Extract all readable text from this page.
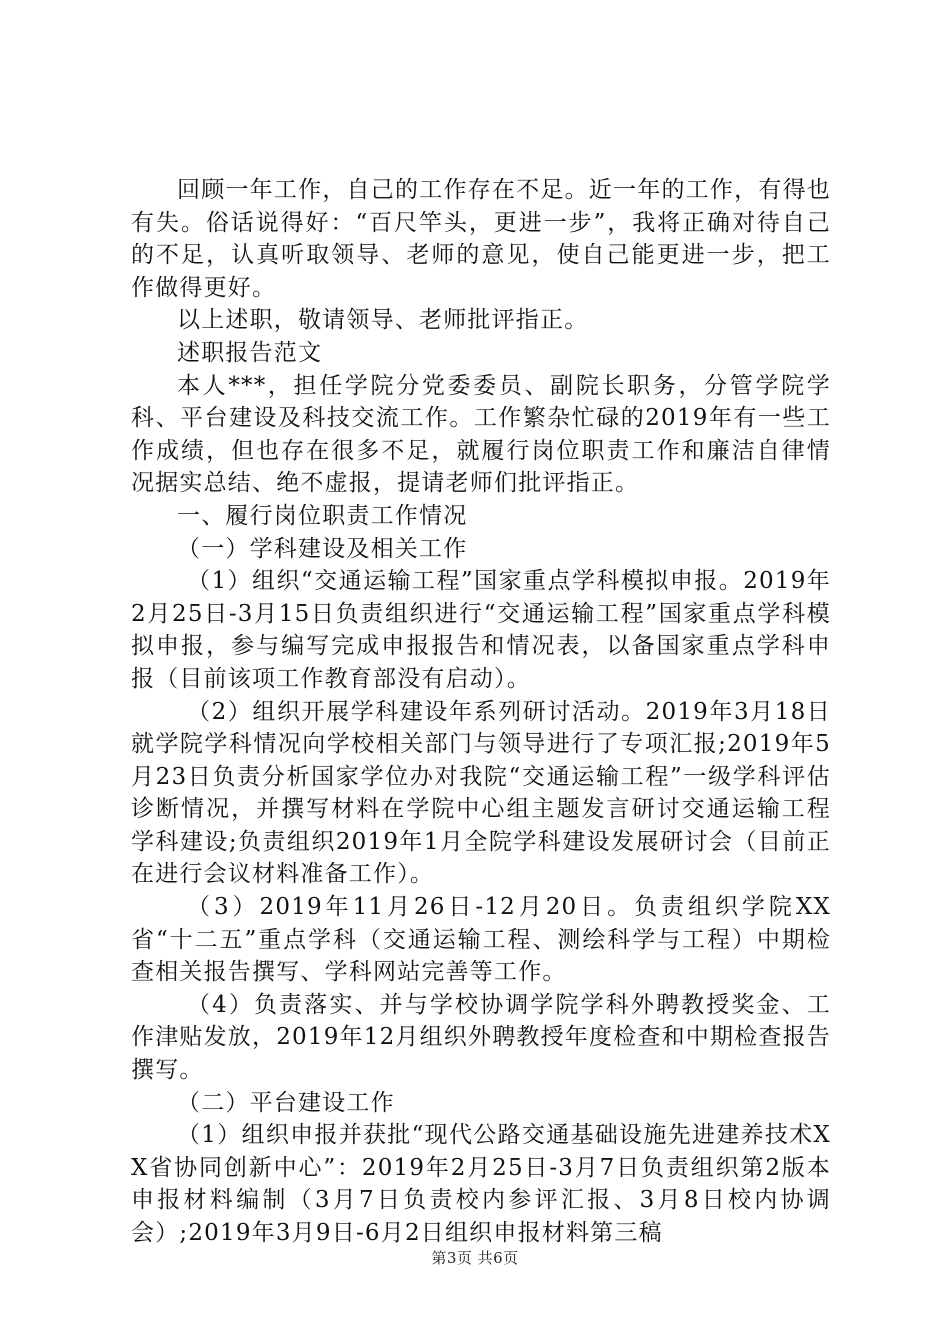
回顾一年工作，自己的工作存在不足。近一年的工作，有得也有失。俗话说得好：“百尺竿头，更进一步”，我将正确对待自己的不足，认真听取领导、老师的意见，使自己能更进一步，把工作做得更好。

以上述职，敬请领导、老师批评指正。

述职报告范文

本人***，担任学院分党委委员、副院长职务，分管学院学科、平台建设及科技交流工作。工作繁杂忙碌的2019年有一些工作成绩，但也存在很多不足，就履行岗位职责工作和廉洁自律情况据实总结、绝不虚报，提请老师们批评指正。

一、履行岗位职责工作情况

（一）学科建设及相关工作

（1）组织“交通运输工程”国家重点学科模拟申报。2019年2月25日-3月15日负责组织进行“交通运输工程”国家重点学科模拟申报，参与编写完成申报报告和情况表，以备国家重点学科申报（目前该项工作教育部没有启动）。

（2）组织开展学科建设年系列研讨活动。2019年3月18日就学院学科情况向学校相关部门与领导进行了专项汇报;2019年5月23日负责分析国家学位办对我院“交通运输工程”一级学科评估诊断情况，并撰写材料在学院中心组主题发言研讨交通运输工程学科建设;负责组织2019年1月全院学科建设发展研讨会（目前正在进行会议材料准备工作）。

（3）2019年11月26日-12月20日。负责组织学院XX省“十二五”重点学科（交通运输工程、测绘科学与工程）中期检查相关报告撰写、学科网站完善等工作。

（4）负责落实、并与学校协调学院学科外聘教授奖金、工作津贴发放，2019年12月组织外聘教授年度检查和中期检查报告撰写。

（二）平台建设工作

（1）组织申报并获批“现代公路交通基础设施先进建养技术XX省协同创新中心”：2019年2月25日-3月7日负责组织第2版本申报材料编制（3月7日负责校内参评汇报、3月8日校内协调会）;2019年3月9日-6月2日组织申报材料第三稿

第3页 共6页
